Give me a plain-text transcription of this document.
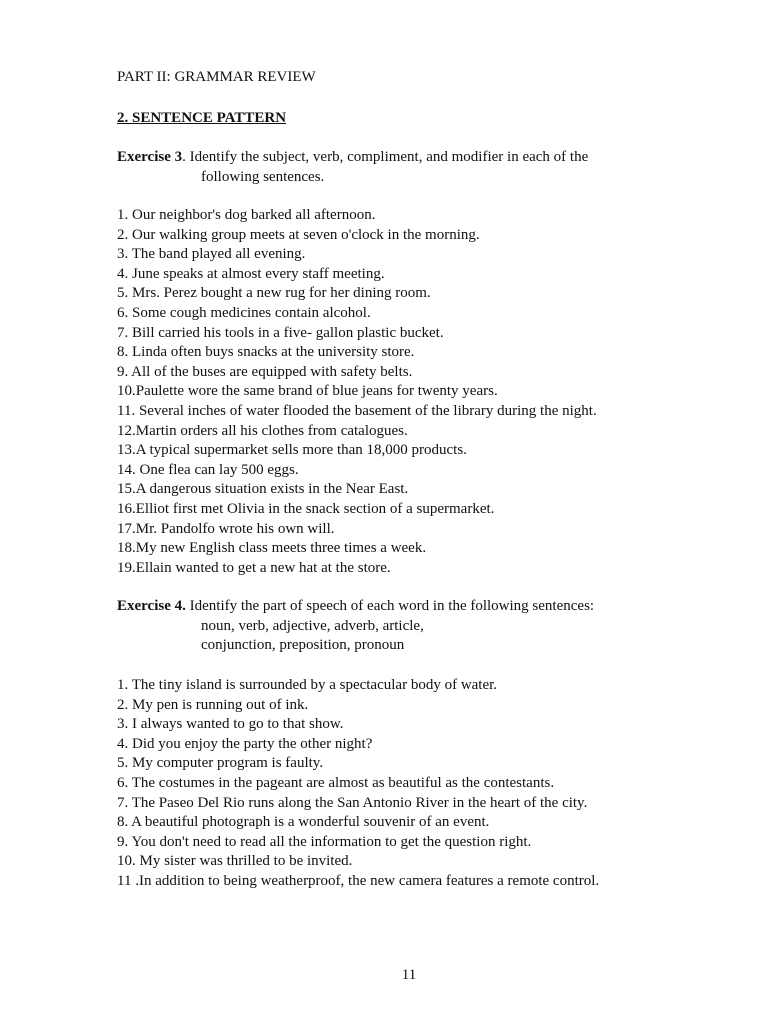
PART II: GRAMMAR REVIEW
2. SENTENCE PATTERN
Exercise 3. Identify the subject, verb, compliment, and modifier in each of the
following sentences.
1. Our neighbor's dog barked all afternoon.
2. Our walking group meets at seven o'clock in the morning.
3. The band played all evening.
4. June speaks at almost every staff meeting.
5. Mrs. Perez bought a new rug for her dining room.
6. Some cough medicines contain alcohol.
7. Bill carried his tools in a five- gallon plastic bucket.
8. Linda often buys snacks at the university store.
9. All of the buses are equipped with safety belts.
10.Paulette wore the same brand of blue jeans for twenty years.
11. Several inches of water flooded the basement of the library during the night.
12.Martin orders all his clothes from catalogues.
13.A typical supermarket sells more than 18,000 products.
14. One flea can lay 500 eggs.
15.A dangerous situation exists in the Near East.
16.Elliot first met Olivia in the snack section of a supermarket.
17.Mr. Pandolfo wrote his own will.
18.My new English class meets three times a week.
19.Ellain wanted to get a new hat at the store.
Exercise 4. Identify the part of speech of each word in the following sentences:
noun, verb, adjective, adverb, article,
conjunction, preposition, pronoun
1. The tiny island is surrounded by a spectacular body of water.
2. My pen is running out of ink.
3. I always wanted to go to that show.
4. Did you enjoy the party the other night?
5. My computer program is faulty.
6. The costumes in the pageant are almost as beautiful as the contestants.
7. The Paseo Del Rio runs along the San Antonio River in the heart of the city.
8. A beautiful photograph is a wonderful souvenir of an event.
9. You don't need to read all the information to get the question right.
10. My sister was thrilled to be invited.
11 .In addition to being weatherproof, the new camera features a remote control.
11
